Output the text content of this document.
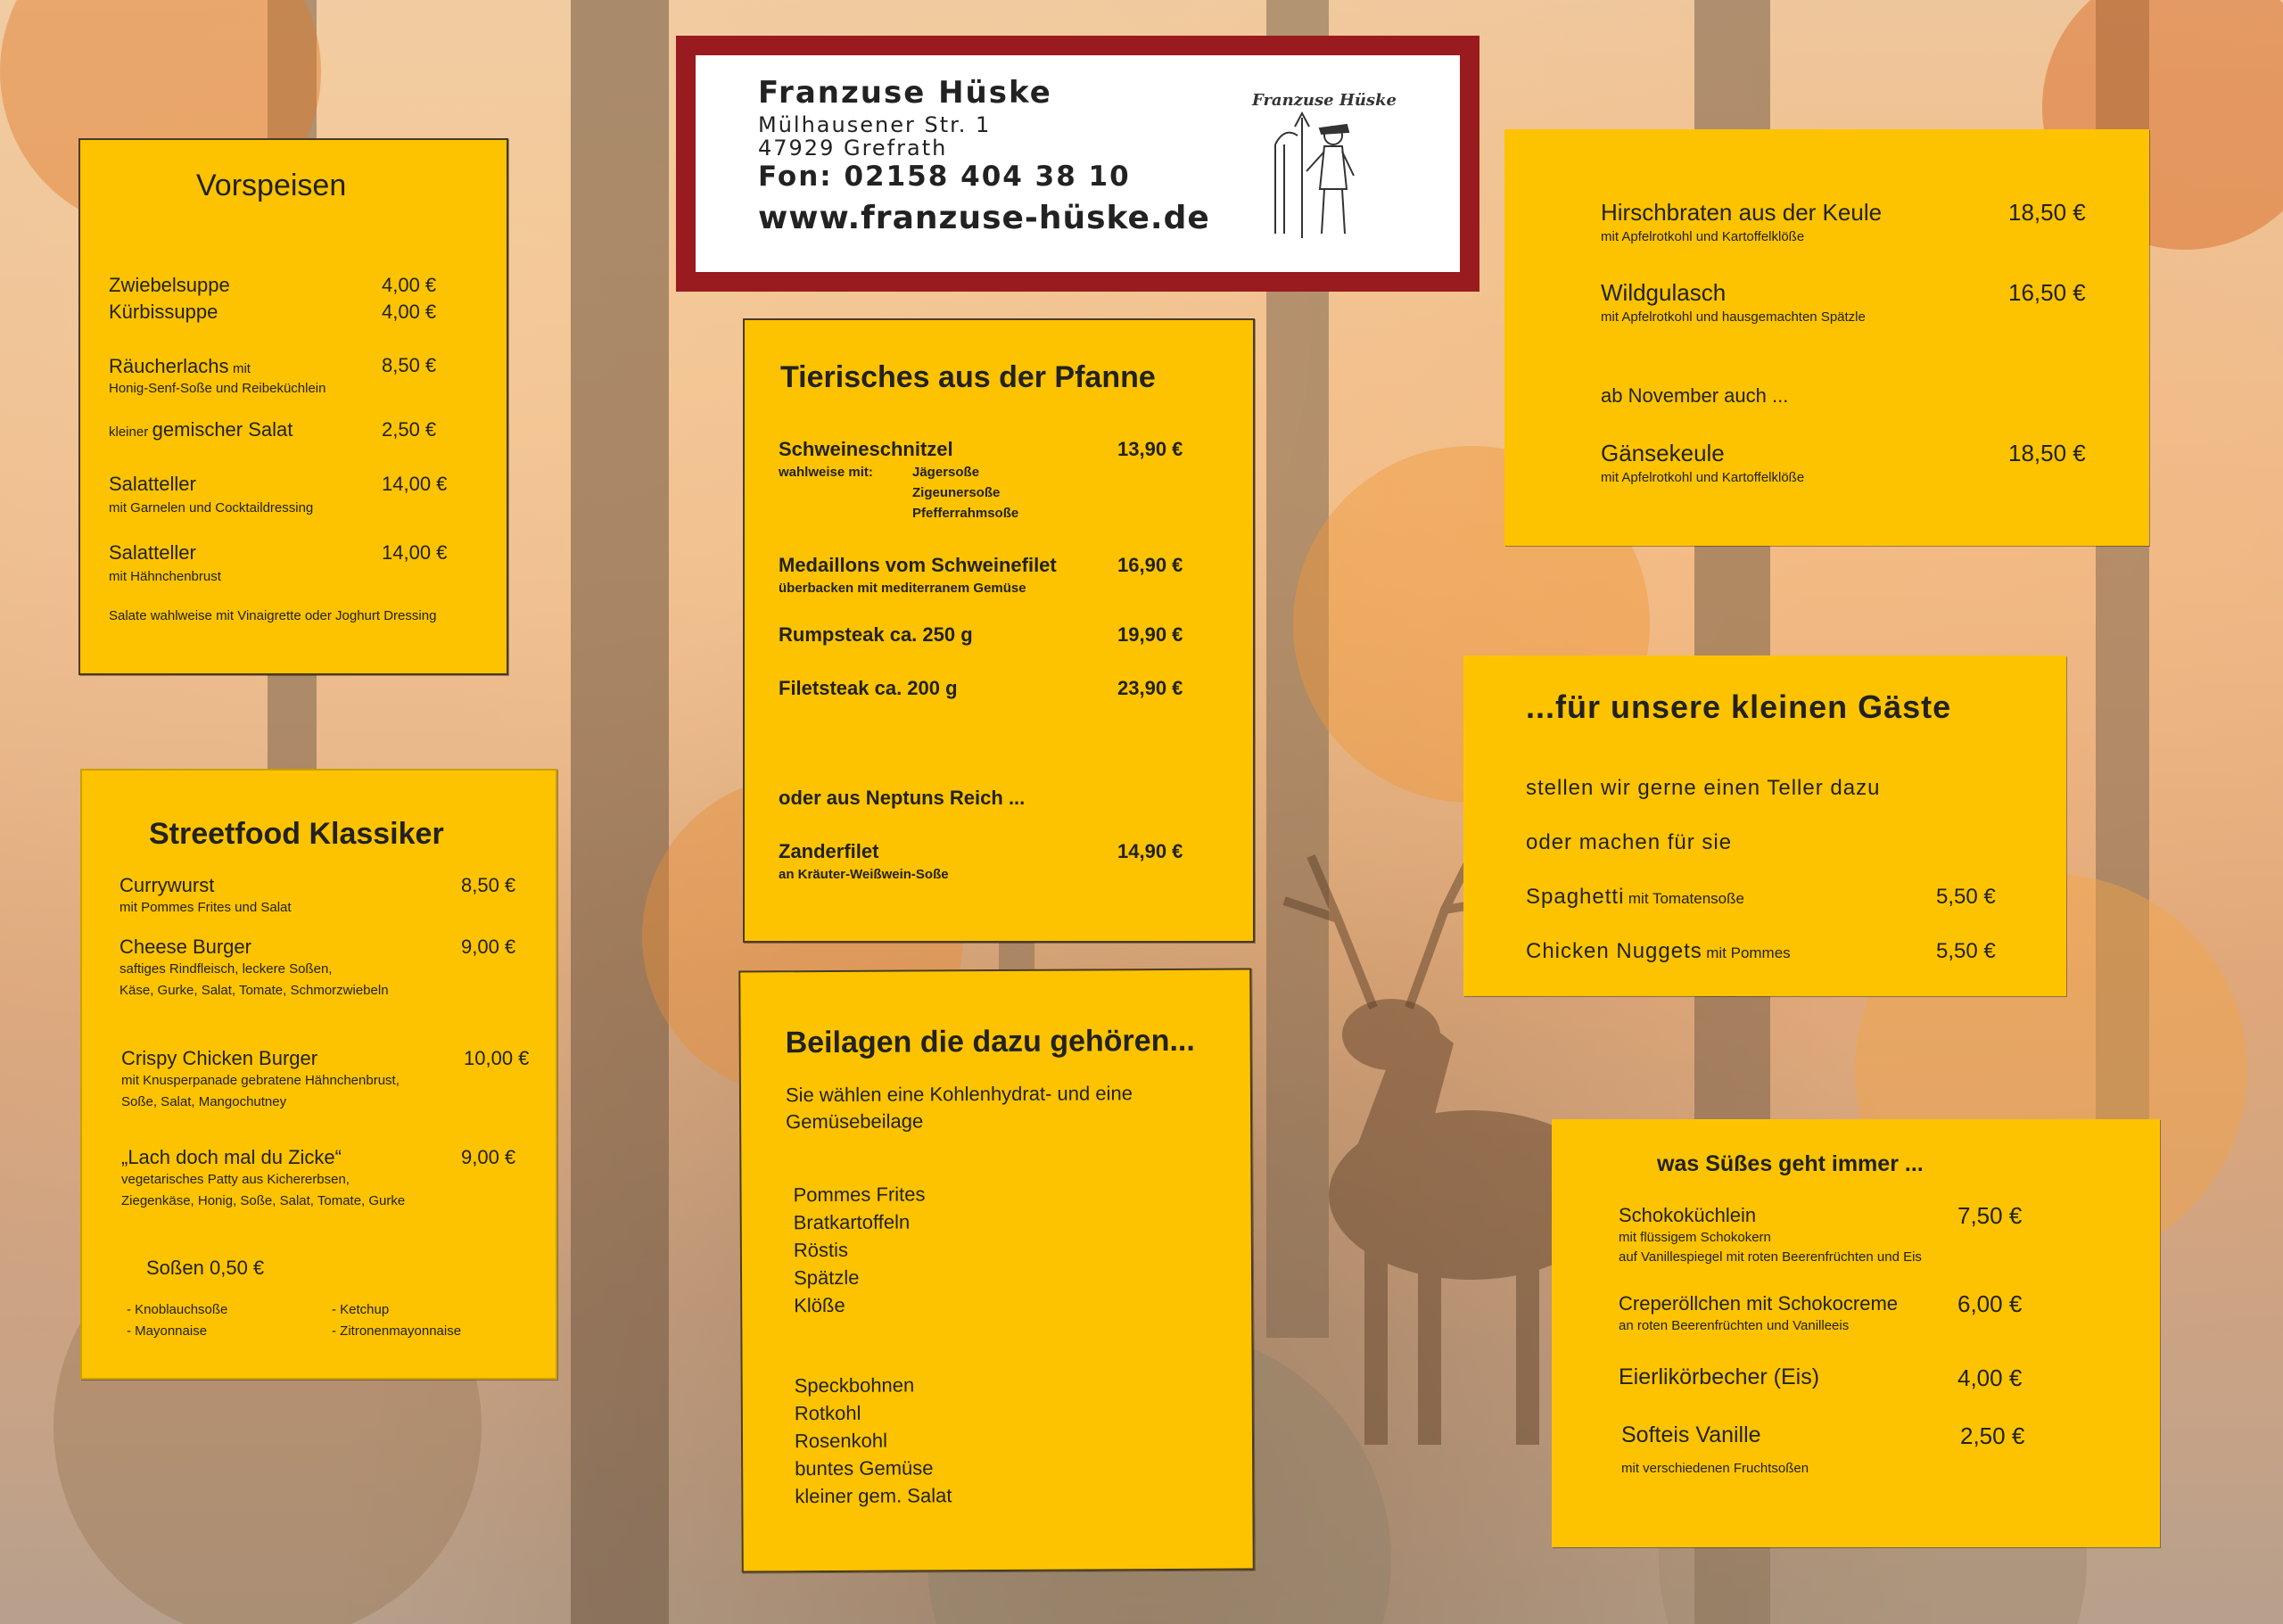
Franzuse Hüske
Mülhausener Str. 1
47929 Grefrath
Fon: 02158 404 38 10
www.franzuse-hüske.de
Franzuse Hüske
Vorspeisen
Zwiebelsuppe	4,00 €
Kürbissuppe	4,00 €
Räucherlachs mit	8,50 €
Honig-Senf-Soße und Reibeküchlein
kleiner gemischer Salat	2,50 €
Salatteller	14,00 €
mit Garnelen und Cocktaildressing
Salatteller	14,00 €
mit Hähnchenbrust
Salate wahlweise mit Vinaigrette oder Joghurt Dressing
Streetfood Klassiker
Currywurst	8,50 €
mit Pommes Frites und Salat
Cheese Burger	9,00 €
saftiges Rindfleisch, leckere Soßen,
Käse, Gurke, Salat, Tomate, Schmorzwiebeln
Crispy Chicken Burger	10,00 €
mit Knusperpanade gebratene Hähnchenbrust,
Soße, Salat, Mangochutney
„Lach doch mal du Zicke“	9,00 €
vegetarisches Patty aus Kichererbsen,
Ziegenkäse, Honig, Soße, Salat, Tomate, Gurke
Soßen 0,50 €
- Knoblauchsoße
- Mayonnaise
- Ketchup
- Zitronenmayonnaise
Tierisches aus der Pfanne
Schweineschnitzel	13,90 €
wahlweise mit:	Jägersoße
Zigeunersoße
Pfefferrahmsoße
Medaillons vom Schweinefilet	16,90 €
überbacken mit mediterranem Gemüse
Rumpsteak ca. 250 g	19,90 €
Filetsteak ca. 200 g	23,90 €
oder aus Neptuns Reich ...
Zanderfilet	14,90 €
an Kräuter-Weißwein-Soße
Beilagen die dazu gehören...
Sie wählen eine Kohlenhydrat- und eine
Gemüsebeilage
Pommes Frites
Bratkartoffeln
Röstis
Spätzle
Klöße
Speckbohnen
Rotkohl
Rosenkohl
buntes Gemüse
kleiner gem. Salat
Hirschbraten aus der Keule	18,50 €
mit Apfelrotkohl und Kartoffelklöße
Wildgulasch	16,50 €
mit Apfelrotkohl und hausgemachten Spätzle
ab November auch ...
Gänsekeule	18,50 €
mit Apfelrotkohl und Kartoffelklöße
...für unsere kleinen Gäste
stellen wir gerne einen Teller dazu
oder machen für sie
Spaghetti mit Tomatensoße	5,50 €
Chicken Nuggets mit Pommes	5,50 €
was Süßes geht immer ...
Schokoküchlein	7,50 €
mit flüssigem Schokokern
auf Vanillespiegel mit roten Beerenfrüchten und Eis
Creperöllchen mit Schokocreme	6,00 €
an roten Beerenfrüchten und Vanilleeis
Eierlikörbecher (Eis)	4,00 €
Softeis Vanille	2,50 €
mit verschiedenen Fruchtsoßen
